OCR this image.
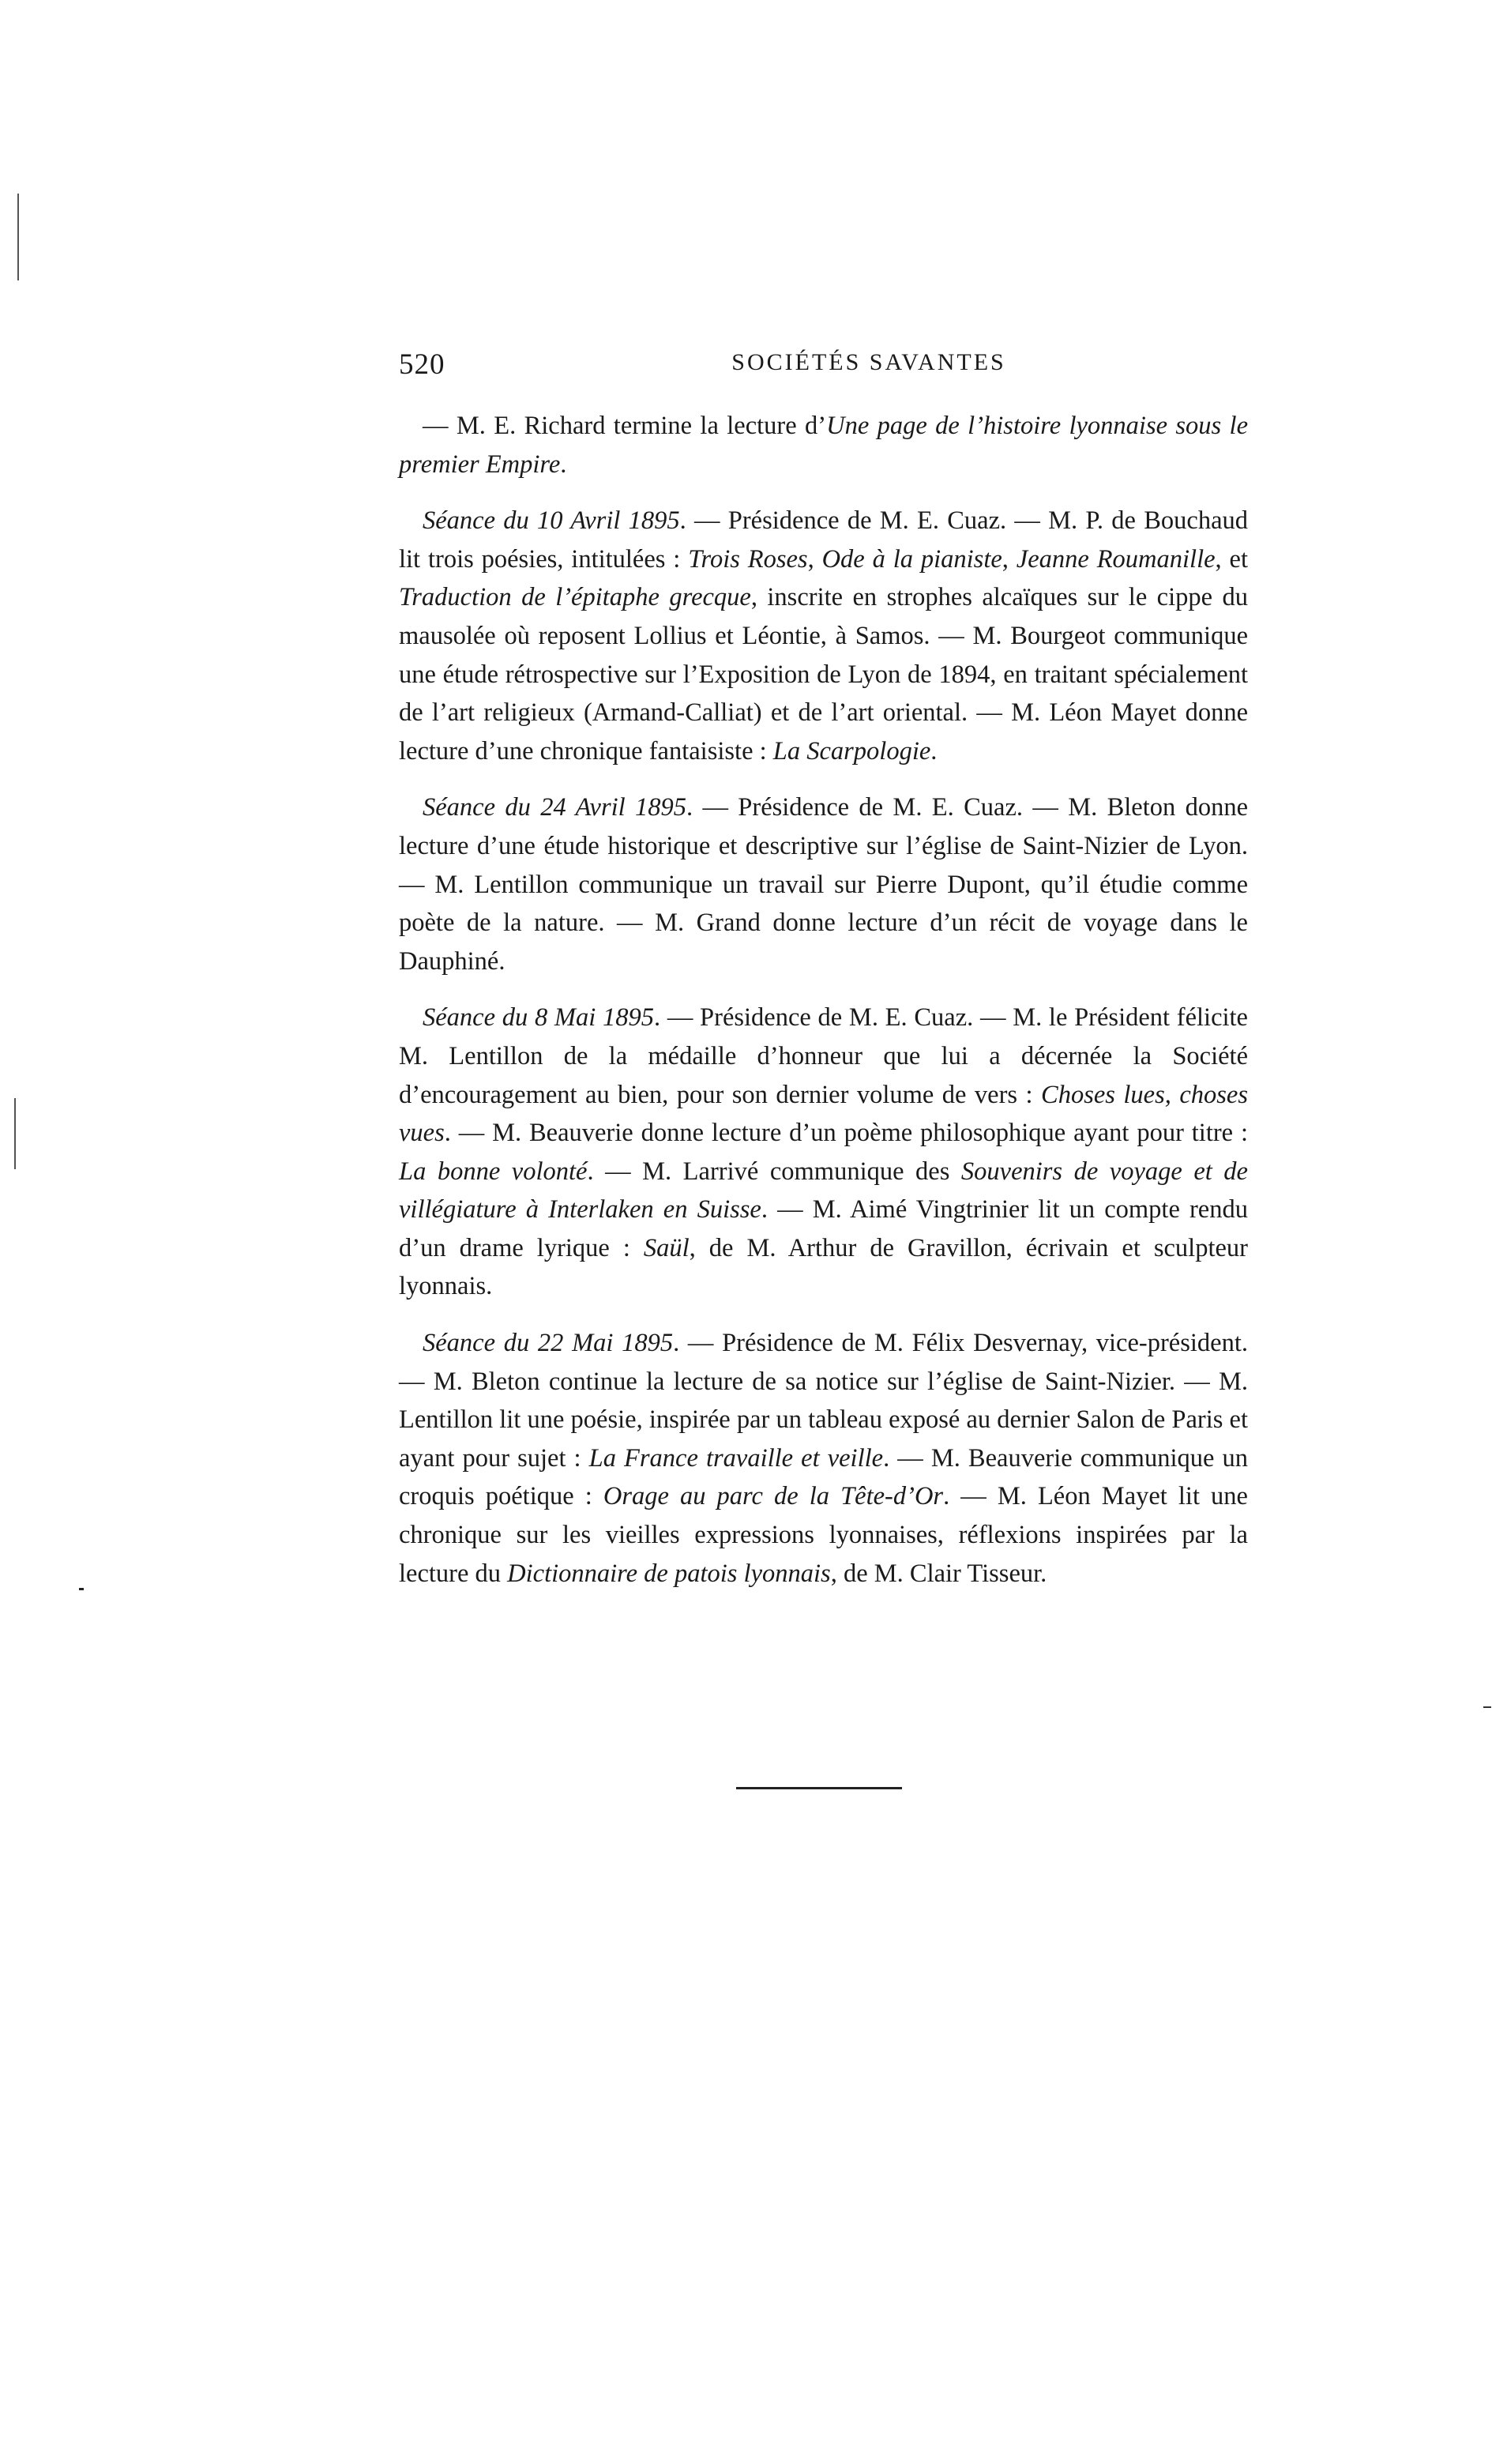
520	SOCIÉTÉS SAVANTES

— M. E. Richard termine la lecture d’Une page de l’histoire lyonnaise sous le premier Empire.

Séance du 10 Avril 1895. — Présidence de M. E. Cuaz. — M. P. de Bouchaud lit trois poésies, intitulées : Trois Roses, Ode à la pianiste, Jeanne Roumanille, et Traduction de l’épitaphe grecque, inscrite en strophes alcaïques sur le cippe du mausolée où reposent Lollius et Léontie, à Samos. — M. Bourgeot communique une étude rétrospective sur l’Exposition de Lyon de 1894, en traitant spécialement de l’art religieux (Armand-Calliat) et de l’art oriental. — M. Léon Mayet donne lecture d’une chronique fantaisiste : La Scarpologie.

Séance du 24 Avril 1895. — Présidence de M. E. Cuaz. — M. Bleton donne lecture d’une étude historique et descriptive sur l’église de Saint-Nizier de Lyon. — M. Lentillon communique un travail sur Pierre Dupont, qu’il étudie comme poète de la nature. — M. Grand donne lecture d’un récit de voyage dans le Dauphiné.

Séance du 8 Mai 1895. — Présidence de M. E. Cuaz. — M. le Président félicite M. Lentillon de la médaille d’honneur que lui a décernée la Société d’encouragement au bien, pour son dernier volume de vers : Choses lues, choses vues. — M. Beauverie donne lecture d’un poème philosophique ayant pour titre : La bonne volonté. — M. Larrivé communique des Souvenirs de voyage et de villégiature à Interlaken en Suisse. — M. Aimé Vingtrinier lit un compte rendu d’un drame lyrique : Saül, de M. Arthur de Gravillon, écrivain et sculpteur lyonnais.

Séance du 22 Mai 1895. — Présidence de M. Félix Desvernay, vice-président. — M. Bleton continue la lecture de sa notice sur l’église de Saint-Nizier. — M. Lentillon lit une poésie, inspirée par un tableau exposé au dernier Salon de Paris et ayant pour sujet : La France travaille et veille. — M. Beauverie communique un croquis poétique : Orage au parc de la Tête-d’Or. — M. Léon Mayet lit une chronique sur les vieilles expressions lyonnaises, réflexions inspirées par la lecture du Dictionnaire de patois lyonnais, de M. Clair Tisseur.
